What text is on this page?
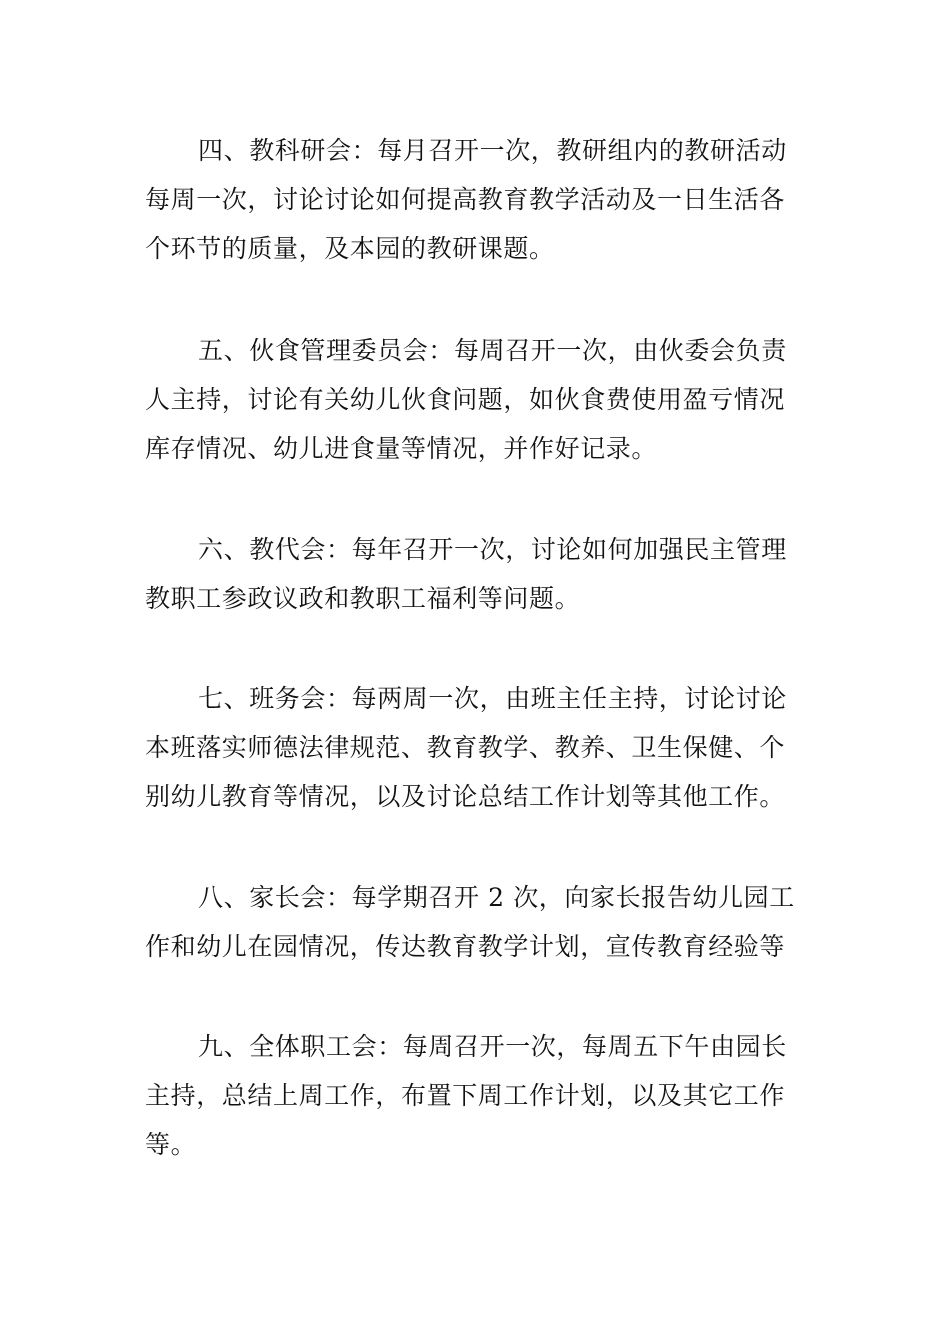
四、教科研会：每月召开一次，教研组内的教研活动
每周一次，讨论讨论如何提高教育教学活动及一日生活各
个环节的质量，及本园的教研课题。
五、伙食管理委员会：每周召开一次，由伙委会负责
人主持，讨论有关幼儿伙食问题，如伙食费使用盈亏情况
库存情况、幼儿进食量等情况，并作好记录。
六、教代会：每年召开一次，讨论如何加强民主管理
教职工参政议政和教职工福利等问题。
七、班务会：每两周一次，由班主任主持，讨论讨论
本班落实师德法律规范、教育教学、教养、卫生保健、个
别幼儿教育等情况，以及讨论总结工作计划等其他工作。
八、家长会：每学期召开 2 次，向家长报告幼儿园工
作和幼儿在园情况，传达教育教学计划，宣传教育经验等
九、全体职工会：每周召开一次，每周五下午由园长
主持，总结上周工作，布置下周工作计划，以及其它工作
等。
